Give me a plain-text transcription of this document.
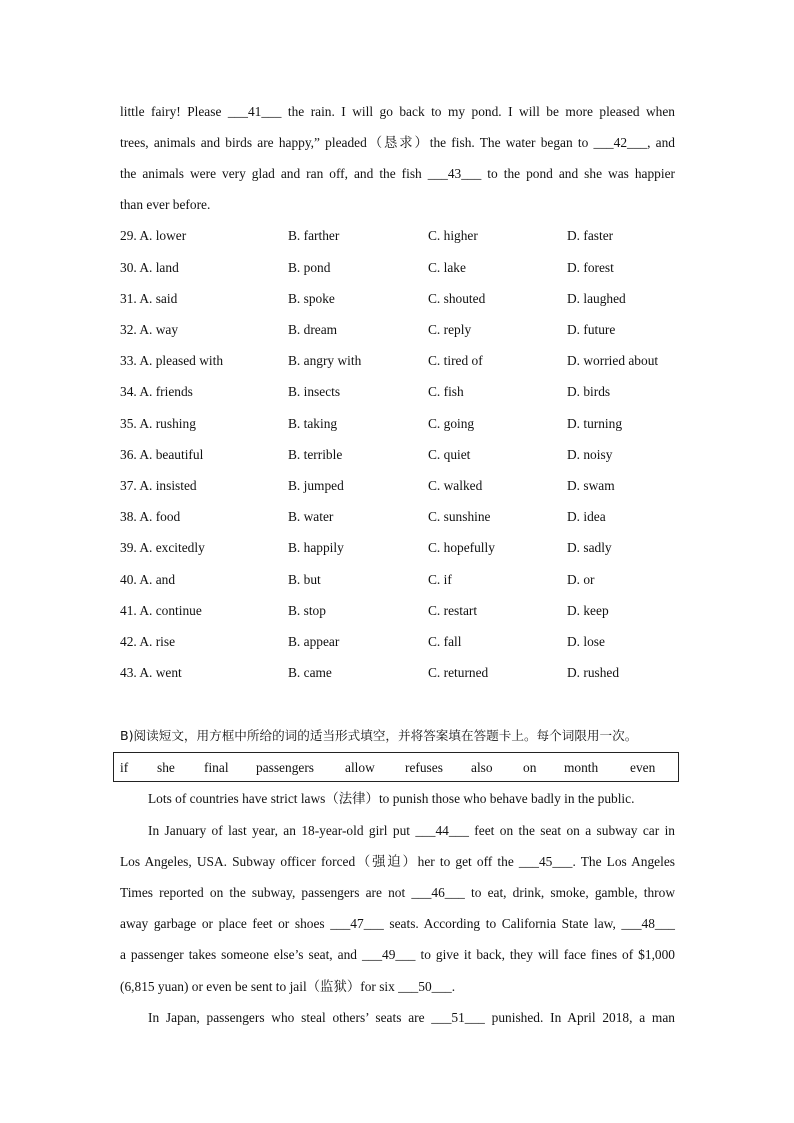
little fairy! Please ___41___ the rain. I will go back to my pond. I will be more pleased when
trees, animals and birds are happy,” pleaded（恳求）the fish. The water began to ___42___, and
the animals were very glad and ran off, and the fish ___43___ to the pond and she was happier
than ever before.
29. A. lower	B. farther	C. higher	D. faster
30. A. land	B. pond	C. lake	D. forest
31. A. said	B. spoke	C. shouted	D. laughed
32. A. way	B. dream	C. reply	D. future
33. A. pleased with	B. angry with	C. tired of	D. worried about
34. A. friends	B. insects	C. fish	D. birds
35. A. rushing	B. taking	C. going	D. turning
36. A. beautiful	B. terrible	C. quiet	D. noisy
37. A. insisted	B. jumped	C. walked	D. swam
38. A. food	B. water	C. sunshine	D. idea
39. A. excitedly	B. happily	C. hopefully	D. sadly
40. A. and	B. but	C. if	D. or
41. A. continue	B. stop	C. restart	D. keep
42. A. rise	B. appear	C. fall	D. lose
43. A. went	B. came	C. returned	D. rushed
B)阅读短文，用方框中所给的词的适当形式填空，并将答案填在答题卡上。每个词限用一次。
if she final passengers allow refuses also on month even
Lots of countries have strict laws（法律）to punish those who behave badly in the public.
In January of last year, an 18-year-old girl put ___44___ feet on the seat on a subway car in
Los Angeles, USA. Subway officer forced（强迫）her to get off the ___45___. The Los Angeles
Times reported on the subway, passengers are not ___46___ to eat, drink, smoke, gamble, throw
away garbage or place feet or shoes ___47___ seats. According to California State law, ___48___
a passenger takes someone else’s seat, and ___49___ to give it back, they will face fines of $1,000
(6,815 yuan) or even be sent to jail（监狱）for six ___50___.
In Japan, passengers who steal others’ seats are ___51___ punished. In April 2018, a man
